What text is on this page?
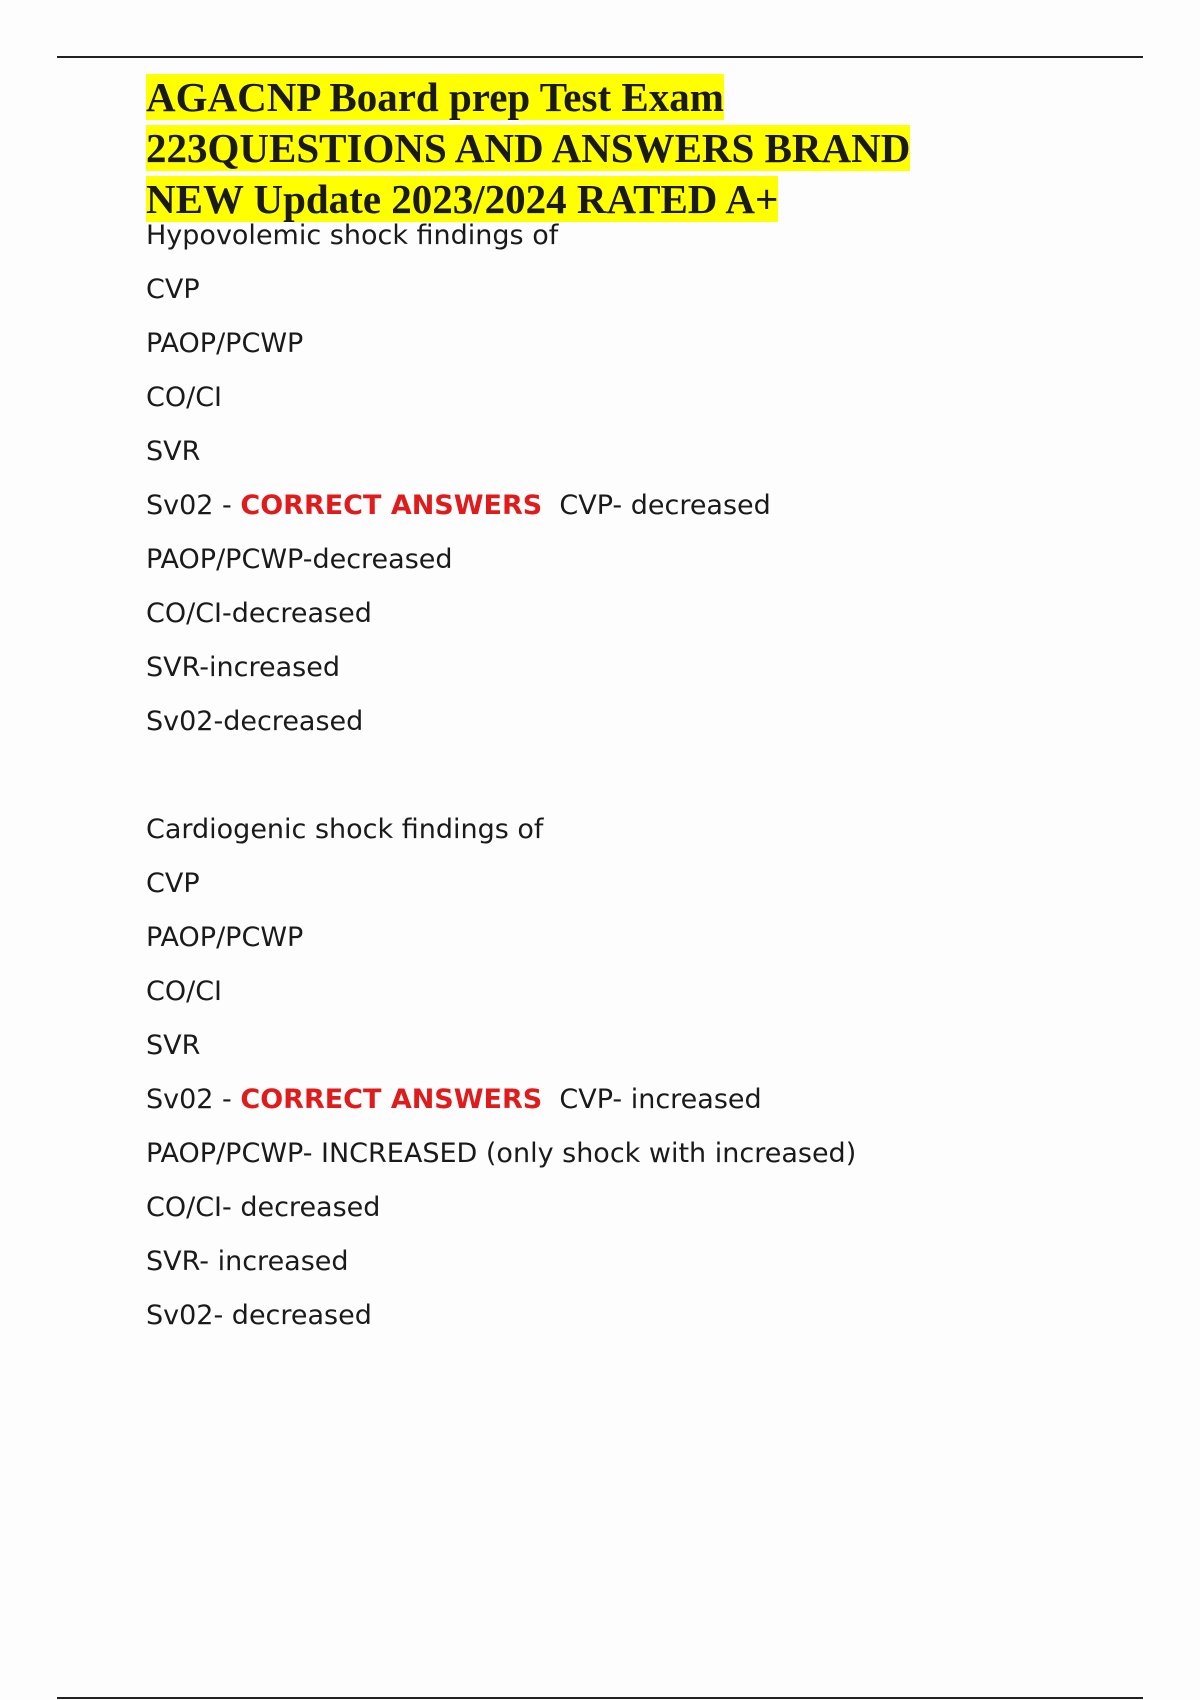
AGACNP Board prep Test Exam 223QUESTIONS AND ANSWERS BRAND NEW Update 2023/2024 RATED A+

Hypovolemic shock findings of

CVP

PAOP/PCWP

CO/CI

SVR

Sv02 - CORRECT ANSWERS  CVP- decreased

PAOP/PCWP-decreased

CO/CI-decreased

SVR-increased

Sv02-decreased

Cardiogenic shock findings of

CVP

PAOP/PCWP

CO/CI

SVR

Sv02 - CORRECT ANSWERS  CVP- increased

PAOP/PCWP- INCREASED (only shock with increased)

CO/CI- decreased

SVR- increased

Sv02- decreased
